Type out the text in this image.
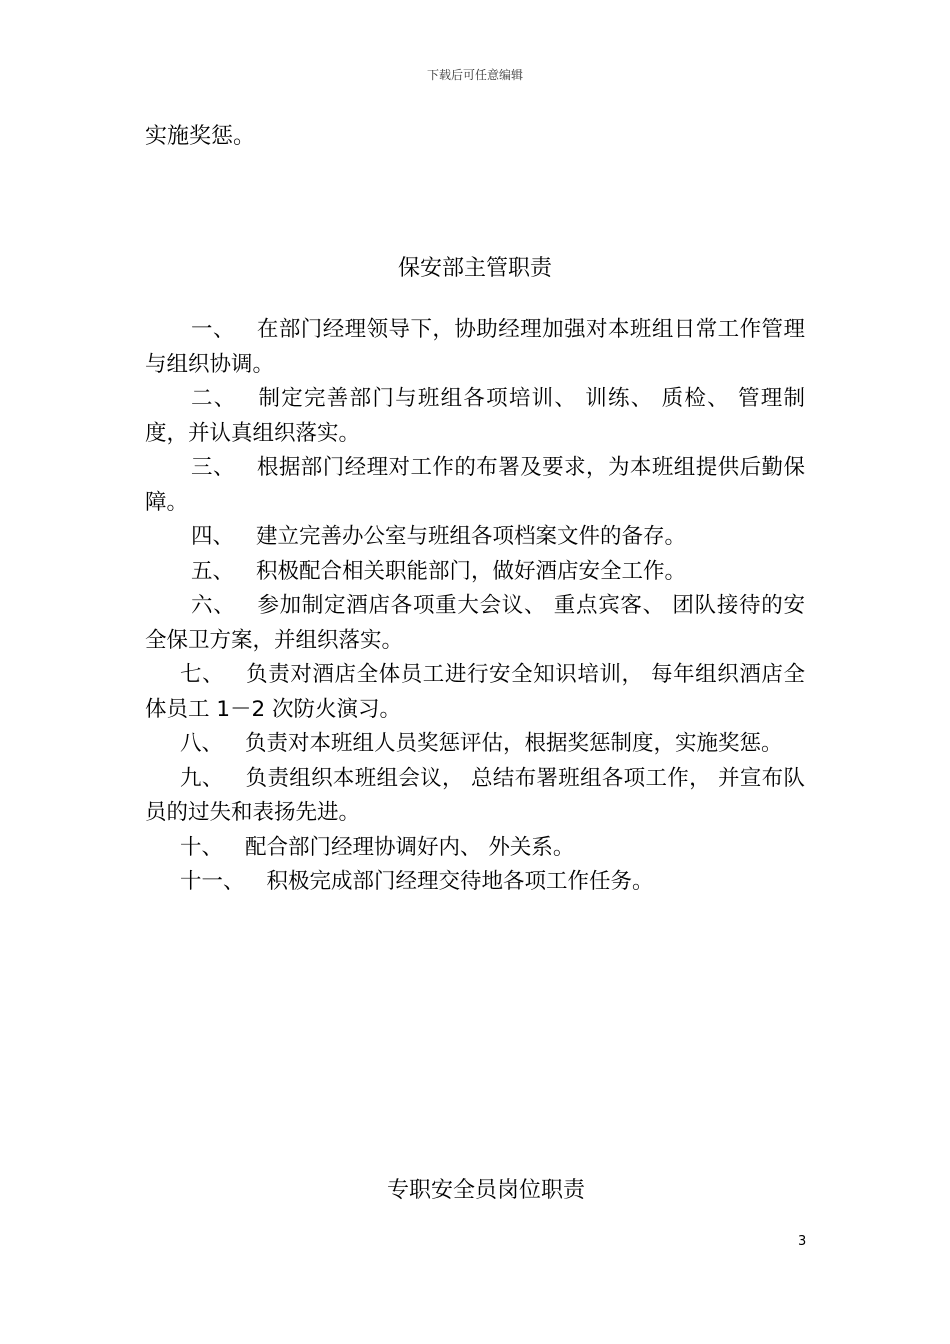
下载后可任意编辑
实施奖惩。
保安部主管职责

一、 在部门经理领导下，协助经理加强对本班组日常工作管理与组织协调。

二、 制定完善部门与班组各项培训、 训练、 质检、 管理制度，并认真组织落实。

三、 根据部门经理对工作的布署及要求，为本班组提供后勤保障。

四、 建立完善办公室与班组各项档案文件的备存。

五、 积极配合相关职能部门，做好酒店安全工作。

六、 参加制定酒店各项重大会议、 重点宾客、 团队接待的安全保卫方案，并组织落实。

七、 负责对酒店全体员工进行安全知识培训， 每年组织酒店全体员工 1－2 次防火演习。

八、 负责对本班组人员奖惩评估，根据奖惩制度，实施奖惩。

九、 负责组织本班组会议， 总结布署班组各项工作， 并宣布队员的过失和表扬先进。

十、 配合部门经理协调好内、 外关系。

十一、 积极完成部门经理交待地各项工作任务。

专职安全员岗位职责
3
